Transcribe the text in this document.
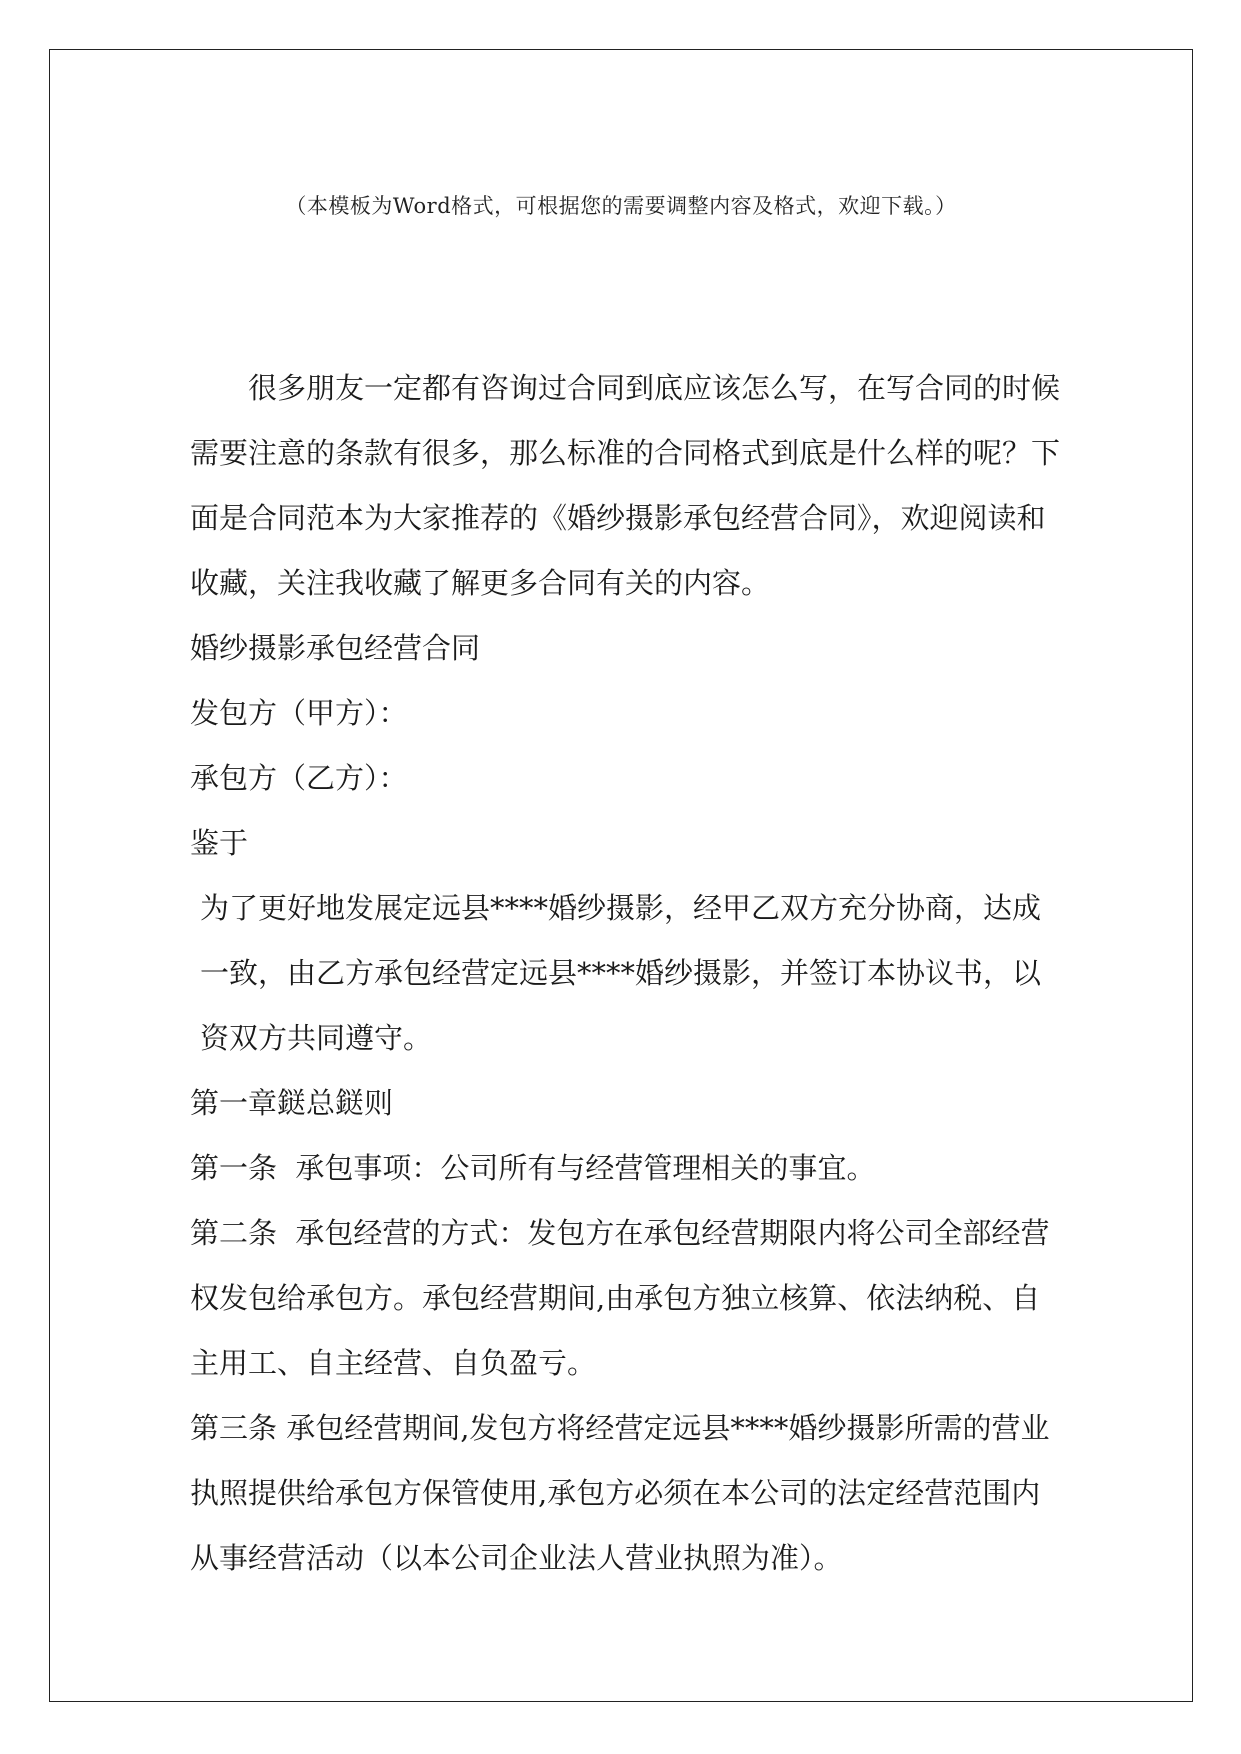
（本模板为Word格式，可根据您的需要调整内容及格式，欢迎下载。）

很多朋友一定都有咨询过合同到底应该怎么写，在写合同的时候需要注意的条款有很多，那么标准的合同格式到底是什么样的呢？下面是合同范本为大家推荐的《婚纱摄影承包经营合同》，欢迎阅读和收藏，关注我收藏了解更多合同有关的内容。

婚纱摄影承包经营合同

发包方（甲方）：

承包方（乙方）：

鉴于

为了更好地发展定远县****婚纱摄影，经甲乙双方充分协商，达成一致，由乙方承包经营定远县****婚纱摄影，并签订本协议书，以资双方共同遵守。

第一章鎹总鎹则

第一条  承包事项：公司所有与经营管理相关的事宜。

第二条  承包经营的方式：发包方在承包经营期限内将公司全部经营权发包给承包方。承包经营期间,由承包方独立核算、依法纳税、自主用工、自主经营、自负盈亏。

第三条 承包经营期间,发包方将经营定远县****婚纱摄影所需的营业执照提供给承包方保管使用,承包方必须在本公司的法定经营范围内从事经营活动（以本公司企业法人营业执照为准）。
